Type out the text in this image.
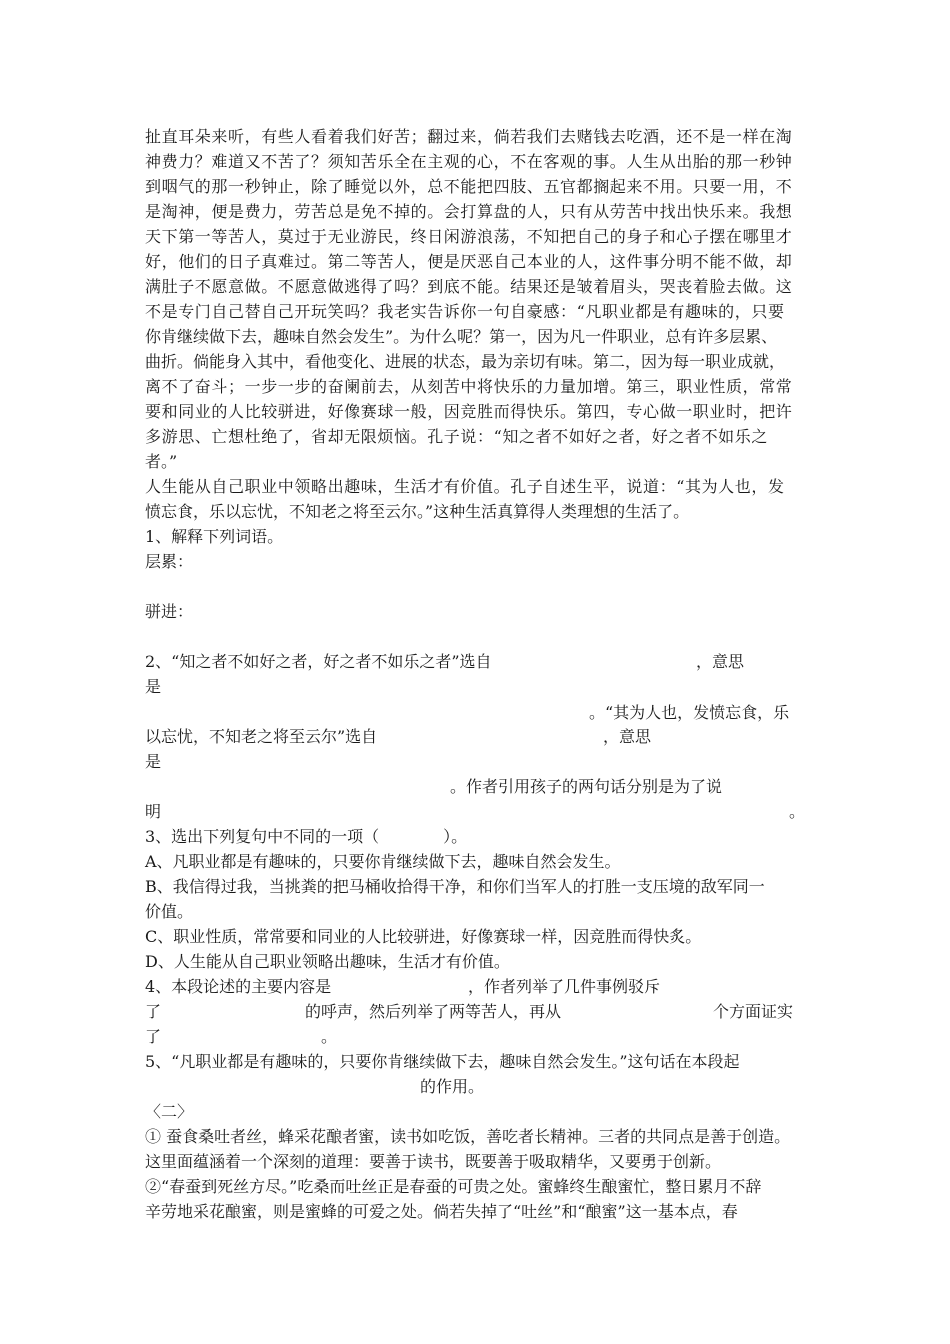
扯直耳朵来听，有些人看着我们好苦；翻过来，倘若我们去赌钱去吃酒，还不是一样在淘
神费力？难道又不苦了？须知苦乐全在主观的心，不在客观的事。人生从出胎的那一秒钟
到咽气的那一秒钟止，除了睡觉以外，总不能把四肢、五官都搁起来不用。只要一用，不
是淘神，便是费力，劳苦总是免不掉的。会打算盘的人，只有从劳苦中找出快乐来。我想
天下第一等苦人，莫过于无业游民，终日闲游浪荡，不知把自己的身子和心子摆在哪里才
好，他们的日子真难过。第二等苦人，便是厌恶自己本业的人，这件事分明不能不做，却
满肚子不愿意做。不愿意做逃得了吗？到底不能。结果还是皱着眉头，哭丧着脸去做。这
不是专门自己替自己开玩笑吗？我老实告诉你一句自豪感：“凡职业都是有趣味的，只要
你肯继续做下去，趣味自然会发生”。为什么呢？第一，因为凡一件职业，总有许多层累、
曲折。倘能身入其中，看他变化、进展的状态，最为亲切有味。第二，因为每一职业成就，
离不了奋斗；一步一步的奋阑前去，从刻苦中将快乐的力量加增。第三，职业性质，常常
要和同业的人比较骈进，好像赛球一般，因竞胜而得快乐。第四，专心做一职业时，把许
多游思、亡想杜绝了，省却无限烦恼。孔子说：“知之者不如好之者，好之者不如乐之
者。”
人生能从自己职业中领略出趣味，生活才有价值。孔子自述生平，说道：“其为人也，发
愤忘食，乐以忘忧，不知老之将至云尔。”这种生活真算得人类理想的生活了。
1、解释下列词语。
层累：
骈进：
2、“知之者不如好之者，好之者不如乐之者”选自	，意思
是
。“其为人也，发愤忘食，乐
以忘忧，不知老之将至云尔”选自	，意思
是
。作者引用孩子的两句话分别是为了说
明	。
3、选出下列复句中不同的一项（　　　　）。
A、凡职业都是有趣味的，只要你肯继续做下去，趣味自然会发生。
B、我信得过我，当挑粪的把马桶收拾得干净，和你们当军人的打胜一支压境的敌军同一
价值。
C、职业性质，常常要和同业的人比较骈进，好像赛球一样，因竞胜而得快炙。
D、人生能从自己职业领略出趣味，生活才有价值。
4、本段论述的主要内容是	，作者列举了几件事例驳斥
了	的呼声，然后列举了两等苦人，再从	个方面证实
了	。
5、“凡职业都是有趣味的，只要你肯继续做下去，趣味自然会发生。”这句话在本段起
的作用。
〈二〉
① 蚕食桑吐者丝，蜂采花酿者蜜，读书如吃饭，善吃者长精神。三者的共同点是善于创造。
这里面蕴涵着一个深刻的道理：要善于读书，既要善于吸取精华，又要勇于创新。
②“春蚕到死丝方尽。”吃桑而吐丝正是春蚕的可贵之处。蜜蜂终生酿蜜忙，整日累月不辞
辛劳地采花酿蜜，则是蜜蜂的可爱之处。倘若失掉了“吐丝”和“酿蜜”这一基本点，春
